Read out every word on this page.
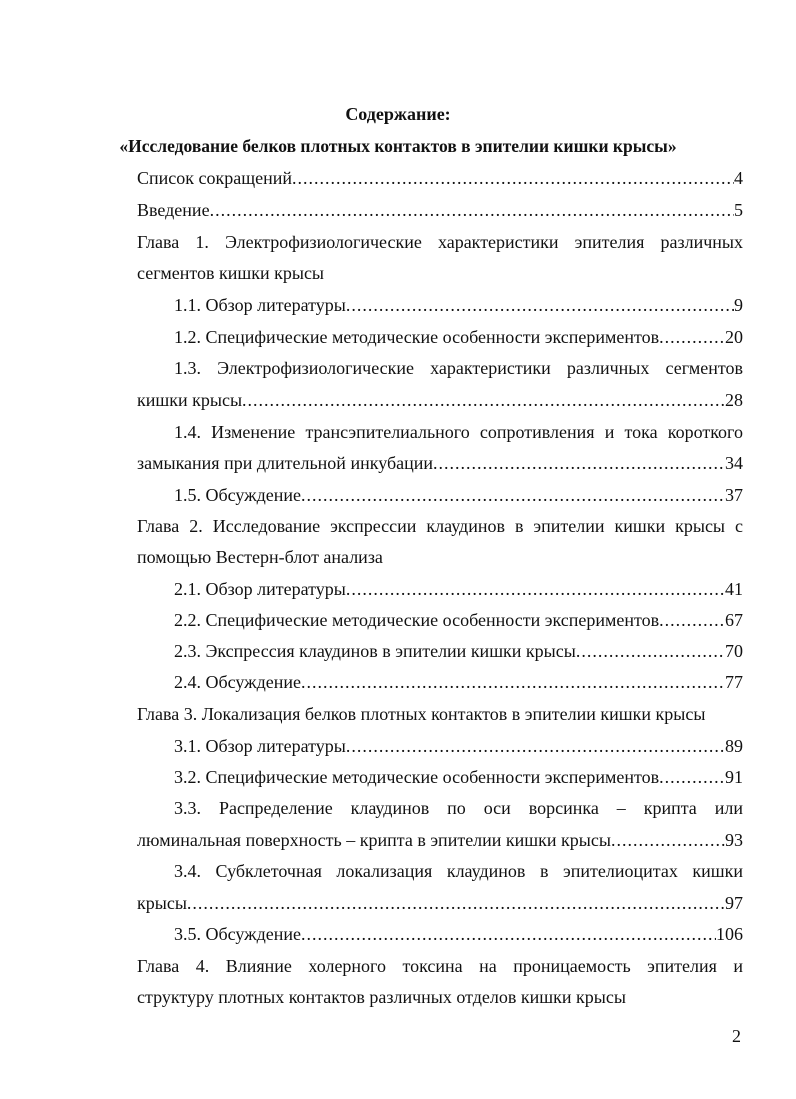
Содержание:
«Исследование белков плотных контактов в эпителии кишки крысы»
Список сокращений .....	4
Введение .....	5
Глава 1. Электрофизиологические характеристики эпителия различных
сегментов кишки крысы
1.1. Обзор литературы .....	9
1.2. Специфические методические особенности экспериментов .....	20
1.3. Электрофизиологические характеристики различных сегментов
кишки крысы .....	28
1.4. Изменение трансэпителиального сопротивления и тока короткого
замыкания при длительной инкубации .....	34
1.5. Обсуждение .....	37
Глава 2. Исследование экспрессии клаудинов в эпителии кишки крысы с
помощью Вестерн-блот анализа
2.1. Обзор литературы .....	41
2.2. Специфические методические особенности экспериментов .....	67
2.3. Экспрессия клаудинов в эпителии кишки крысы .....	70
2.4. Обсуждение .....	77
Глава 3. Локализация белков плотных контактов в эпителии кишки крысы
3.1. Обзор литературы .....	89
3.2. Специфические методические особенности экспериментов .....	91
3.3. Распределение клаудинов по оси ворсинка – крипта или
люминальная поверхность – крипта в эпителии кишки крысы .....	93
3.4. Субклеточная локализация клаудинов в эпителиоцитах кишки
крысы .....	97
3.5. Обсуждение .....	106
Глава 4. Влияние холерного токсина на проницаемость эпителия и
структуру плотных контактов различных отделов кишки крысы
2
